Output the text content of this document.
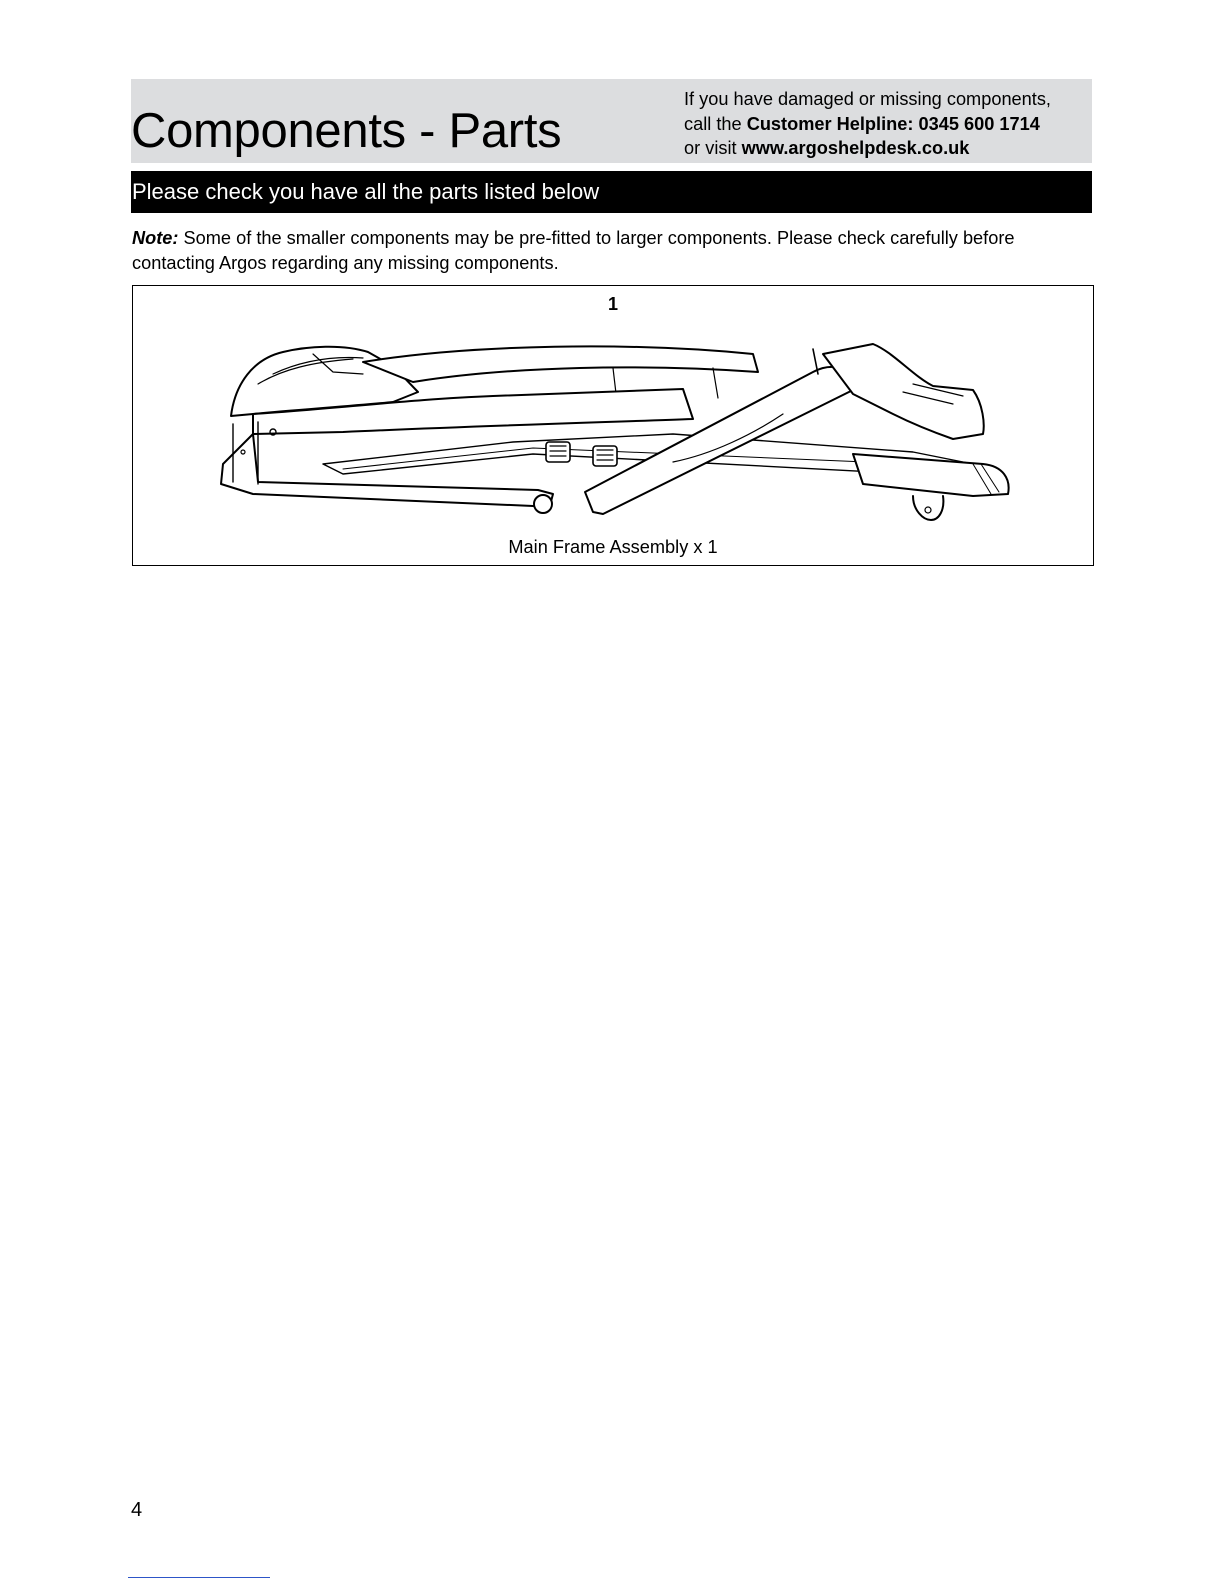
Components - Parts
If you have damaged or missing components,
call the Customer Helpline: 0345 600 1714
or visit www.argoshelpdesk.co.uk
Please check you have all the parts listed below
Note: Some of the smaller components may be pre-fitted to larger components. Please check carefully before contacting Argos regarding any missing components.
1
Main Frame Assembly x 1
4
